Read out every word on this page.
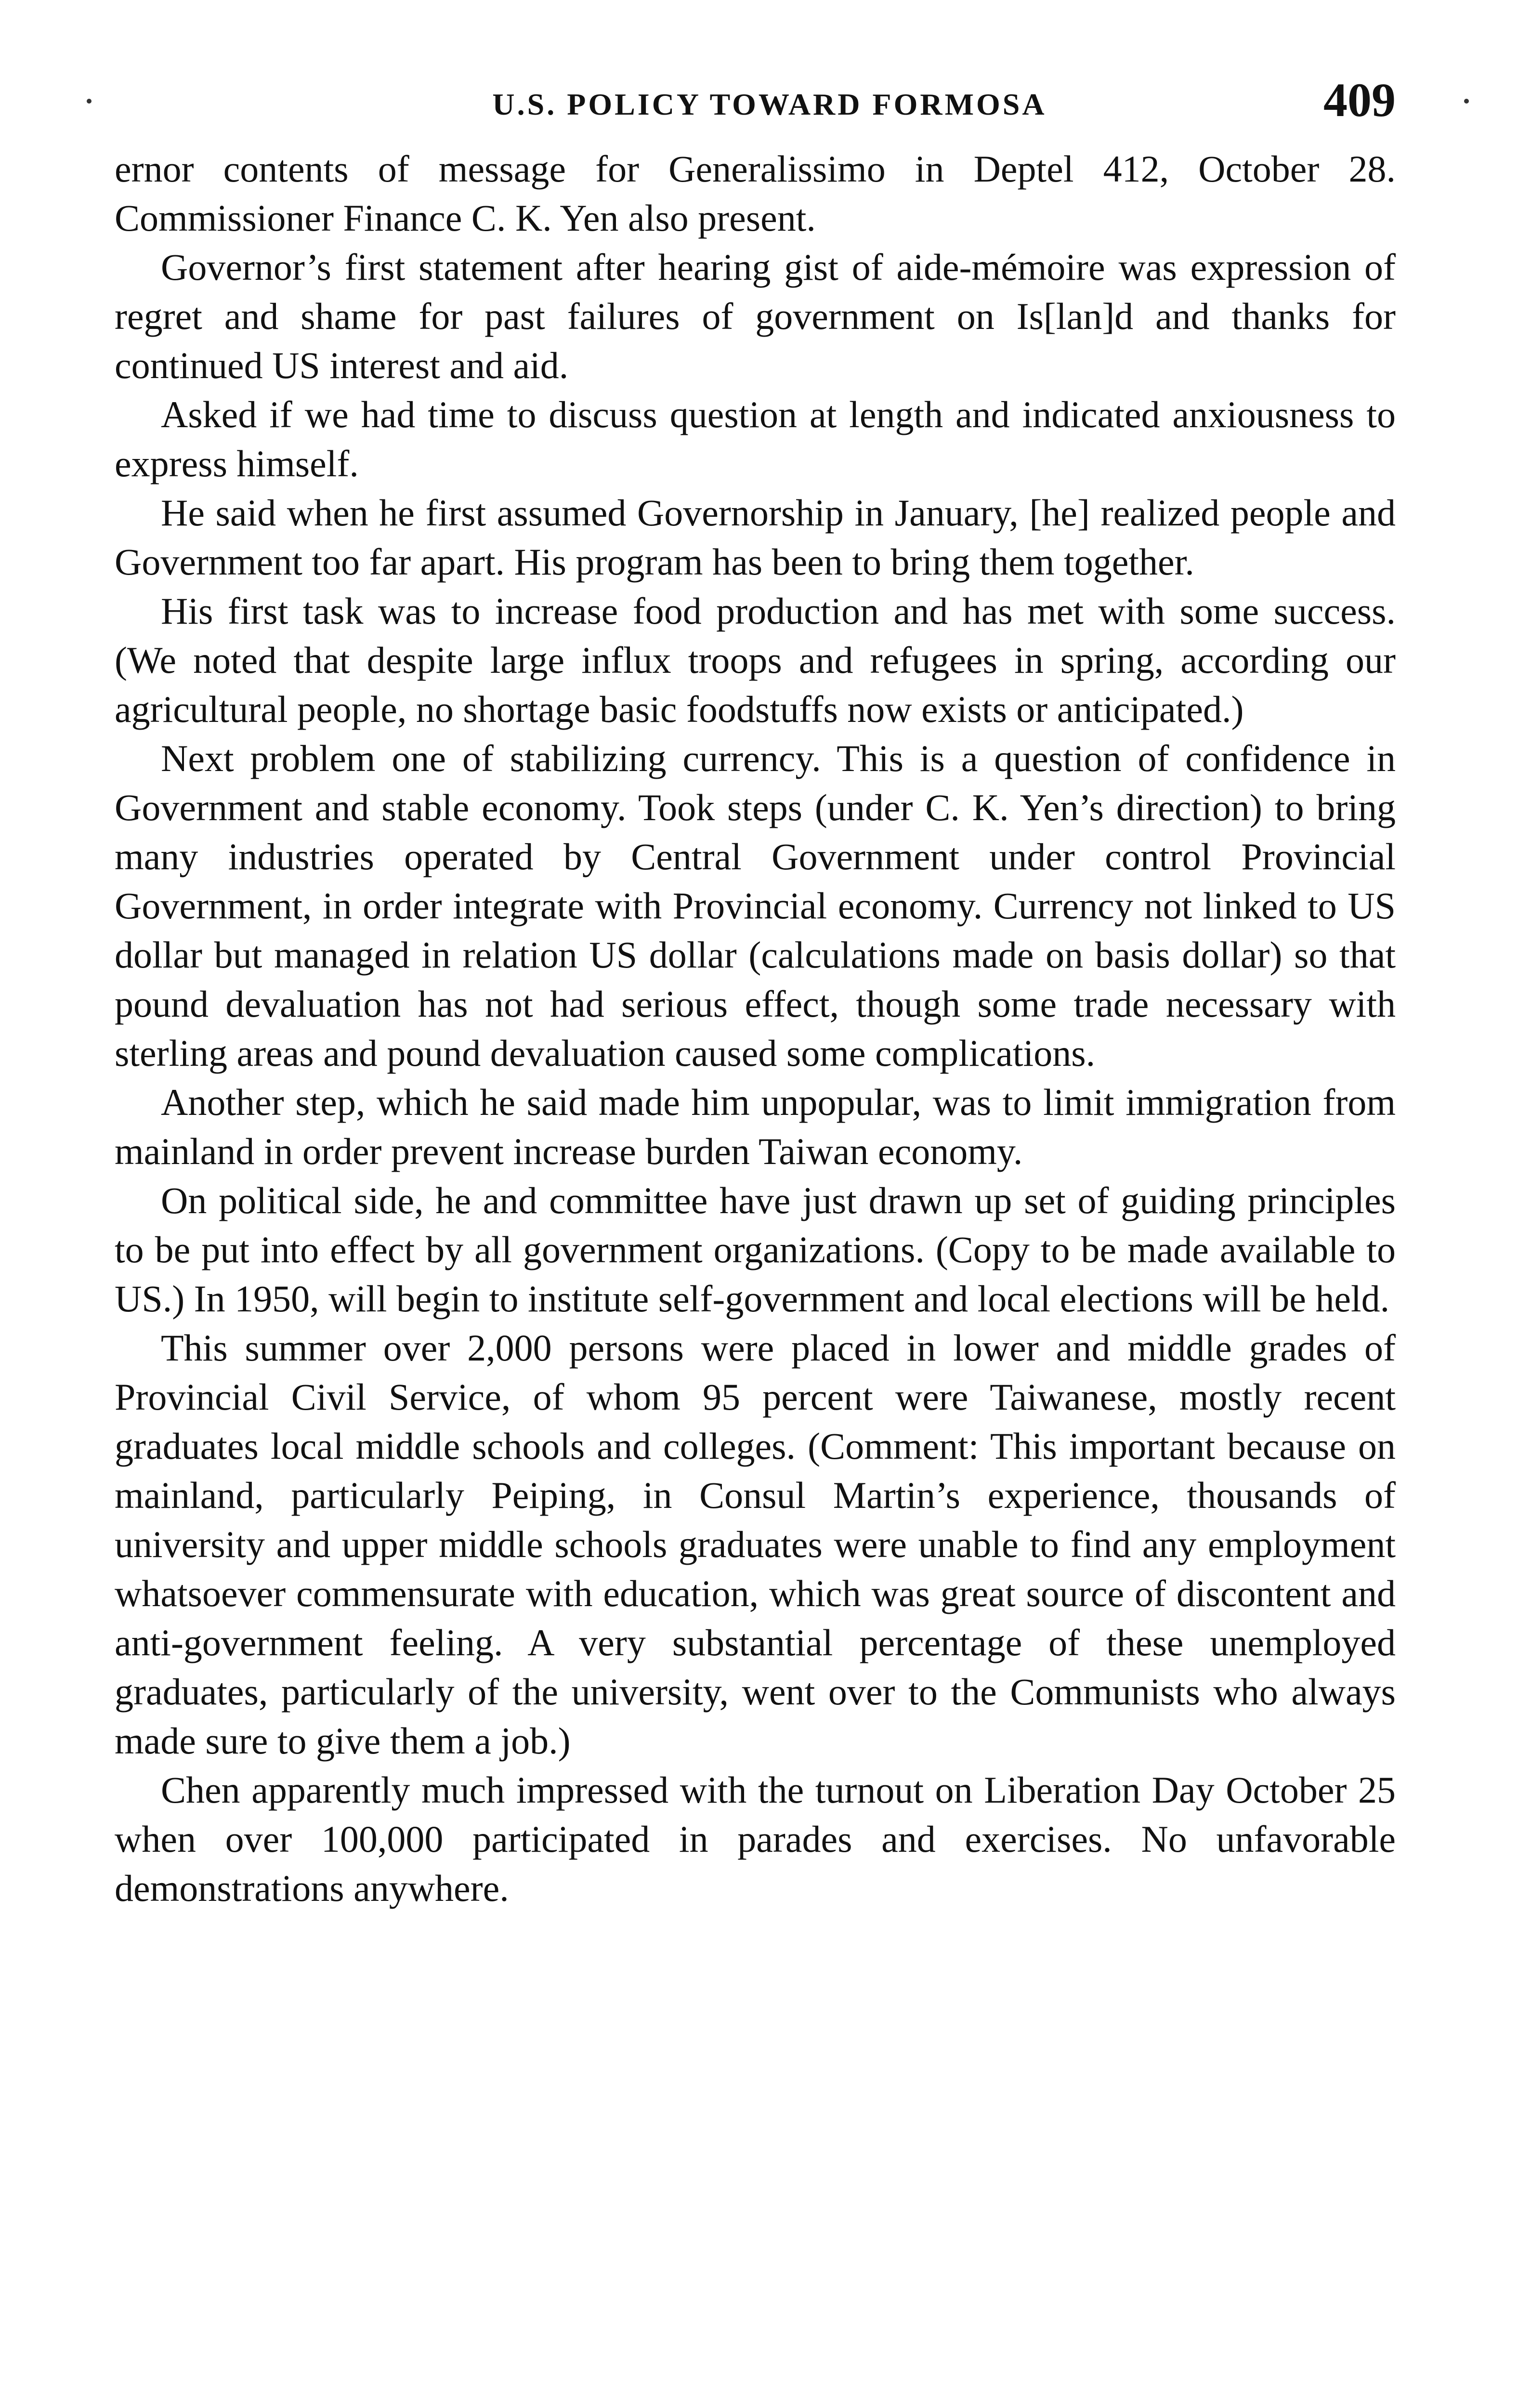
U.S. POLICY TOWARD FORMOSA	409

ernor contents of message for Generalissimo in Deptel 412, October 28. Commissioner Finance C. K. Yen also present.

Governor’s first statement after hearing gist of aide-mémoire was expression of regret and shame for past failures of government on Is[lan]d and thanks for continued US interest and aid.

Asked if we had time to discuss question at length and indicated anxiousness to express himself.

He said when he first assumed Governorship in January, [he] realized people and Government too far apart. His program has been to bring them together.

His first task was to increase food production and has met with some success. (We noted that despite large influx troops and refugees in spring, according our agricultural people, no shortage basic foodstuffs now exists or anticipated.)

Next problem one of stabilizing currency. This is a question of confidence in Government and stable economy. Took steps (under C. K. Yen’s direction) to bring many industries operated by Central Government under control Provincial Government, in order integrate with Provincial economy. Currency not linked to US dollar but managed in relation US dollar (calculations made on basis dollar) so that pound devaluation has not had serious effect, though some trade necessary with sterling areas and pound devaluation caused some complications.

Another step, which he said made him unpopular, was to limit immigration from mainland in order prevent increase burden Taiwan economy.

On political side, he and committee have just drawn up set of guiding principles to be put into effect by all government organizations. (Copy to be made available to US.) In 1950, will begin to institute self-government and local elections will be held.

This summer over 2,000 persons were placed in lower and middle grades of Provincial Civil Service, of whom 95 percent were Taiwanese, mostly recent graduates local middle schools and colleges. (Comment: This important because on mainland, particularly Peiping, in Consul Martin’s experience, thousands of university and upper middle schools graduates were unable to find any employment whatsoever commensurate with education, which was great source of discontent and anti-government feeling. A very substantial percentage of these unemployed graduates, particularly of the university, went over to the Communists who always made sure to give them a job.)

Chen apparently much impressed with the turnout on Liberation Day October 25 when over 100,000 participated in parades and exercises. No unfavorable demonstrations anywhere.
